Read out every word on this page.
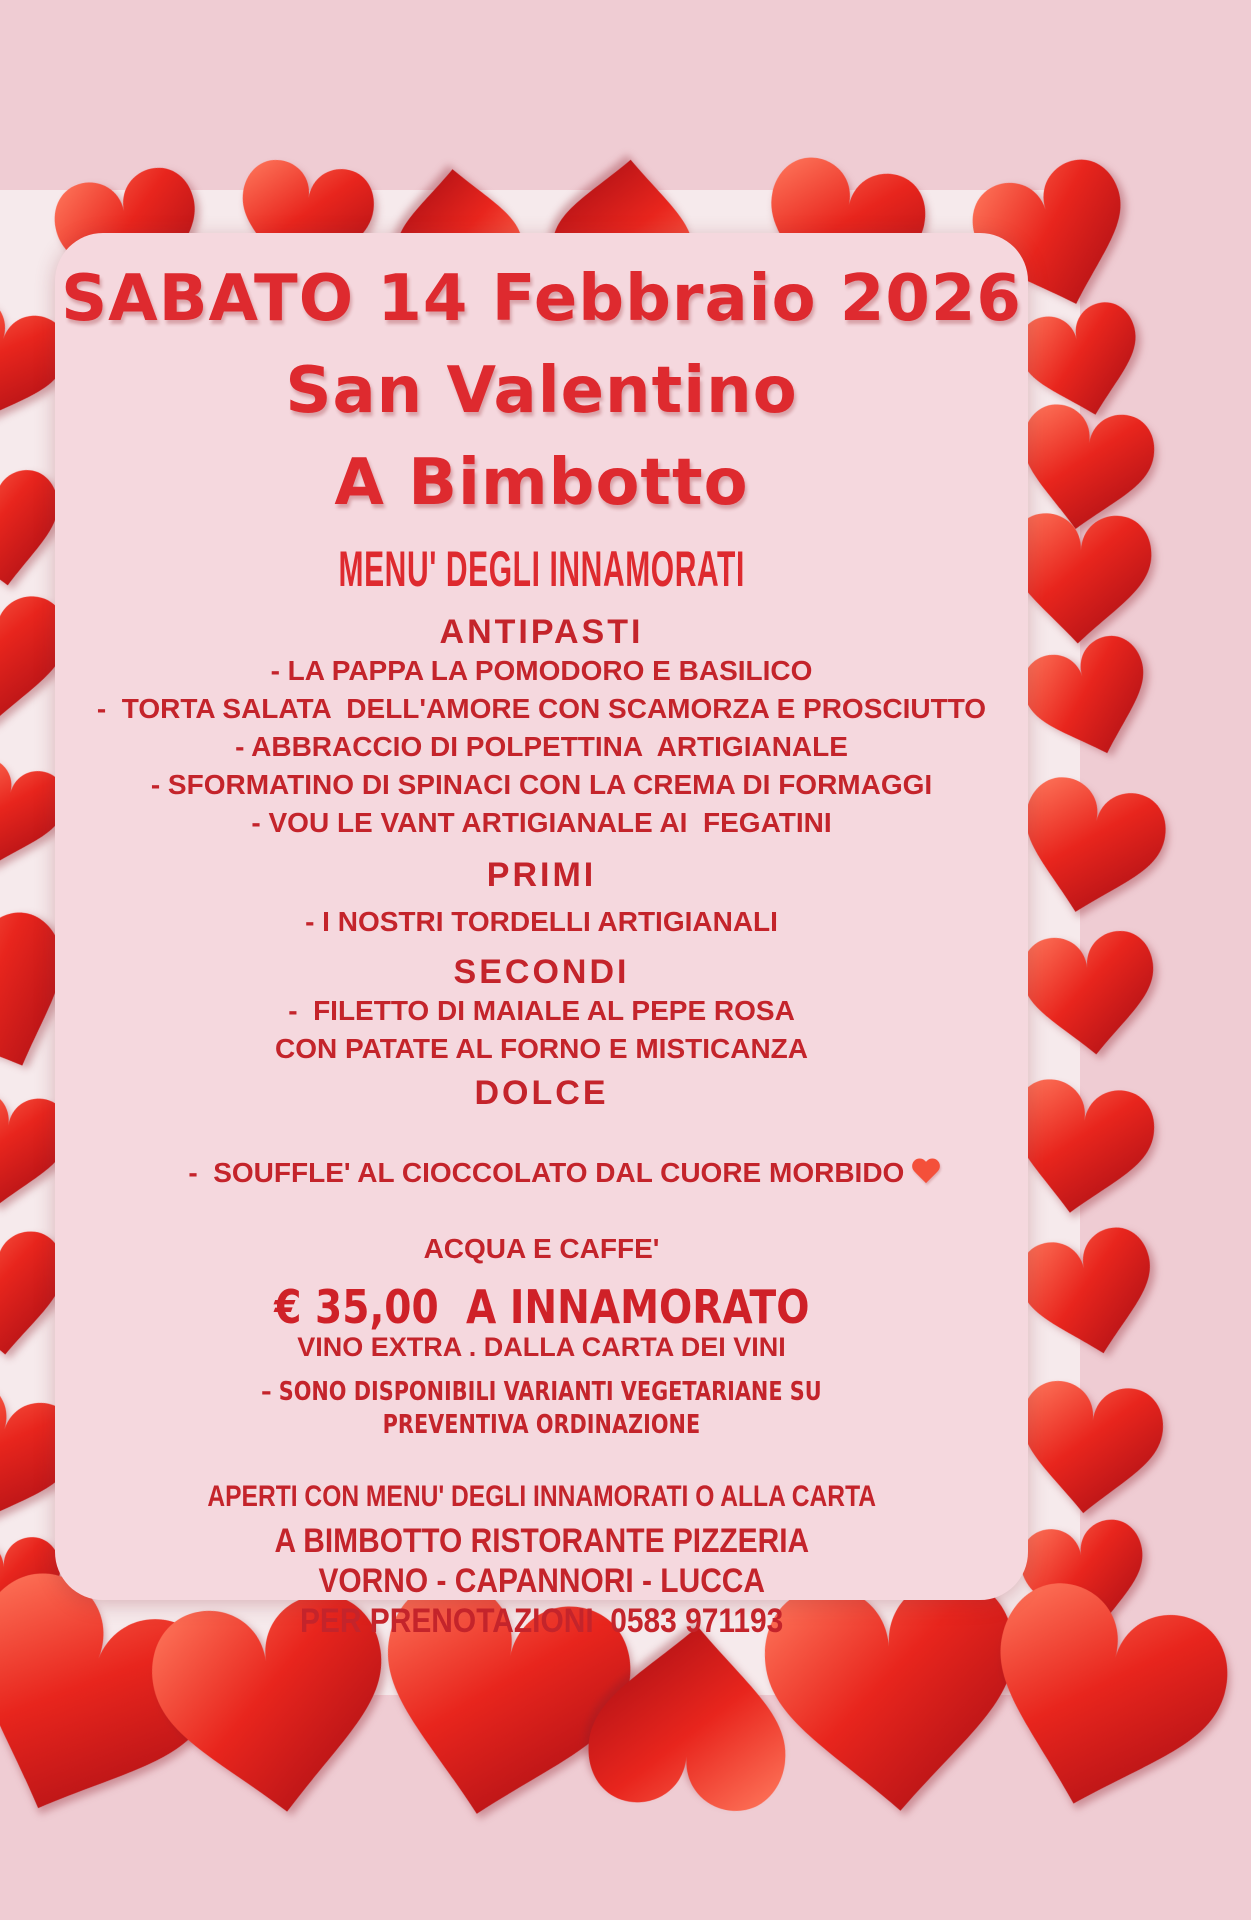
SABATO 14 Febbraio 2026
San Valentino
A Bimbotto
MENU' DEGLI INNAMORATI
ANTIPASTI
- LA PAPPA LA POMODORO E BASILICO
-  TORTA SALATA  DELL'AMORE CON SCAMORZA E PROSCIUTTO
- ABBRACCIO DI POLPETTINA  ARTIGIANALE
- SFORMATINO DI SPINACI CON LA CREMA DI FORMAGGI
- VOU LE VANT ARTIGIANALE AI  FEGATINI
PRIMI
- I NOSTRI TORDELLI ARTIGIANALI
SECONDI
-  FILETTO DI MAIALE AL PEPE ROSA
CON PATATE AL FORNO E MISTICANZA
DOLCE

-  SOUFFLE' AL CIOCCOLATO DAL CUORE MORBIDO

ACQUA E CAFFE'
€ 35,00  A INNAMORATO
VINO EXTRA . DALLA CARTA DEI VINI
– SONO DISPONIBILI VARIANTI VEGETARIANE SU
PREVENTIVA ORDINAZIONE
APERTI CON MENU' DEGLI INNAMORATI O ALLA CARTA
A BIMBOTTO RISTORANTE PIZZERIA
VORNO - CAPANNORI - LUCCA
PER PRENOTAZIONI  0583 971193
